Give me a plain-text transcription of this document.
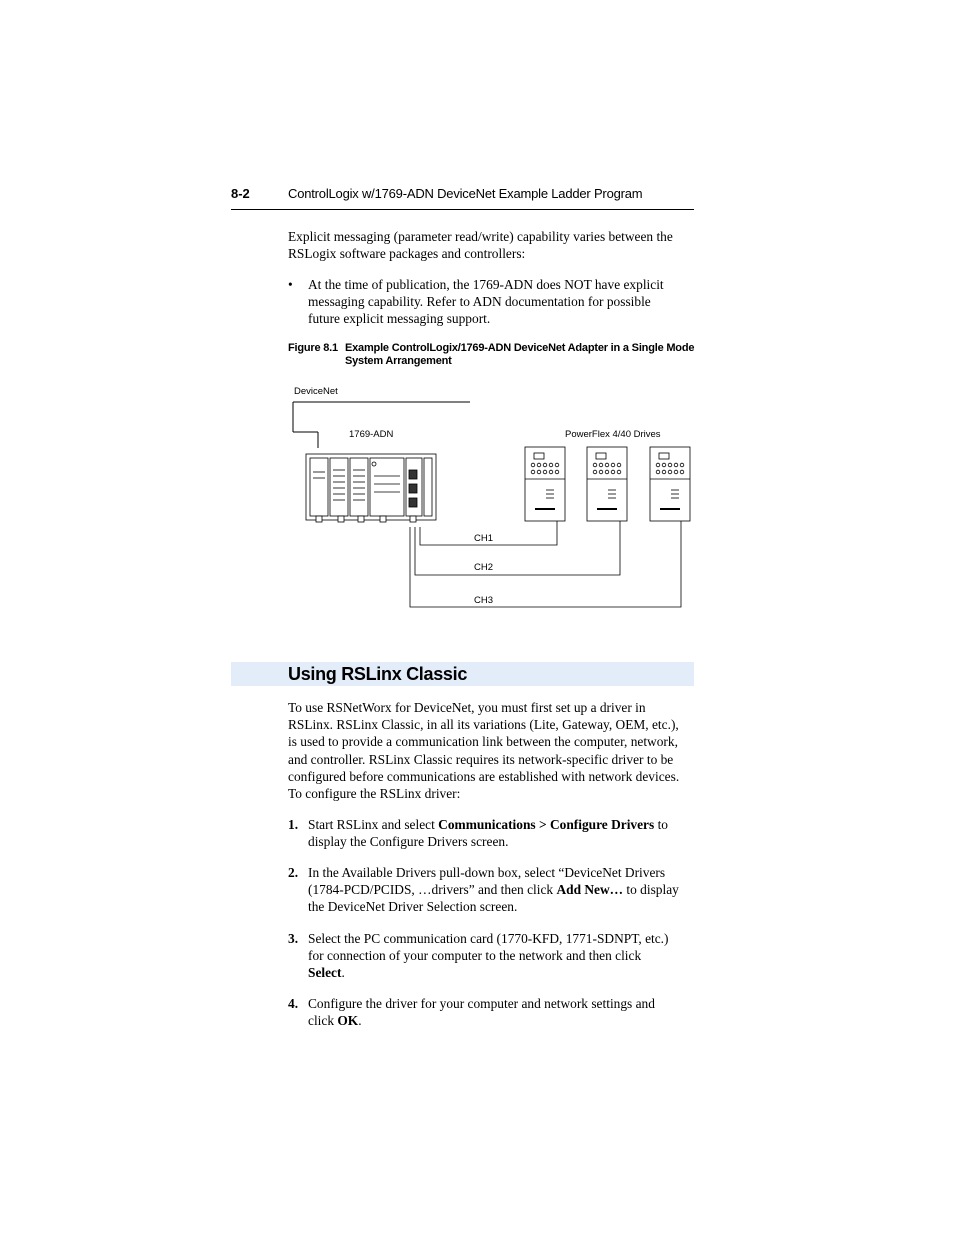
8-2	ControlLogix w/1769-ADN DeviceNet Example Ladder Program

Explicit messaging (parameter read/write) capability varies between the
RSLogix software packages and controllers:

• At the time of publication, the 1769-ADN does NOT have explicit
messaging capability. Refer to ADN documentation for possible
future explicit messaging support.
Figure 8.1 Example ControlLogix/1769-ADN DeviceNet Adapter in a Single Mode
System Arrangement
DeviceNet
1769-ADN	PowerFlex 4/40 Drives
CH1
CH2
CH3
Using RSLinx Classic

To use RSNetWorx for DeviceNet, you must first set up a driver in
RSLinx. RSLinx Classic, in all its variations (Lite, Gateway, OEM, etc.),
is used to provide a communication link between the computer, network,
and controller. RSLinx Classic requires its network-specific driver to be
configured before communications are established with network devices.
To configure the RSLinx driver:

1. Start RSLinx and select Communications > Configure Drivers to
display the Configure Drivers screen.
2. In the Available Drivers pull-down box, select “DeviceNet Drivers
(1784-PCD/PCIDS, …drivers” and then click Add New… to display
the DeviceNet Driver Selection screen.
3. Select the PC communication card (1770-KFD, 1771-SDNPT, etc.)
for connection of your computer to the network and then click
Select.
4. Configure the driver for your computer and network settings and
click OK.
